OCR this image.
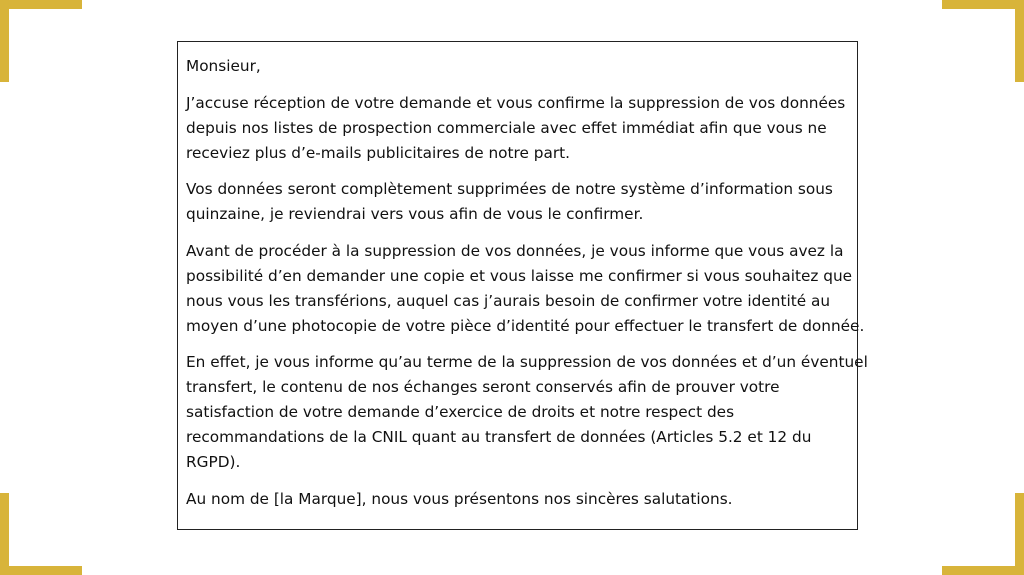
Monsieur,

J’accuse réception de votre demande et vous confirme la suppression de vos données
depuis nos listes de prospection commerciale avec effet immédiat afin que vous ne
receviez plus d’e-mails publicitaires de notre part.

Vos données seront complètement supprimées de notre système d’information sous
quinzaine, je reviendrai vers vous afin de vous le confirmer.

Avant de procéder à la suppression de vos données, je vous informe que vous avez la
possibilité d’en demander une copie et vous laisse me confirmer si vous souhaitez que
nous vous les transférions, auquel cas j’aurais besoin de confirmer votre identité au
moyen d’une photocopie de votre pièce d’identité pour effectuer le transfert de donnée.

En effet, je vous informe qu’au terme de la suppression de vos données et d’un éventuel
transfert, le contenu de nos échanges seront conservés afin de prouver votre
satisfaction de votre demande d’exercice de droits et notre respect des
recommandations de la CNIL quant au transfert de données (Articles 5.2 et 12 du
RGPD).

Au nom de [la Marque], nous vous présentons nos sincères salutations.
